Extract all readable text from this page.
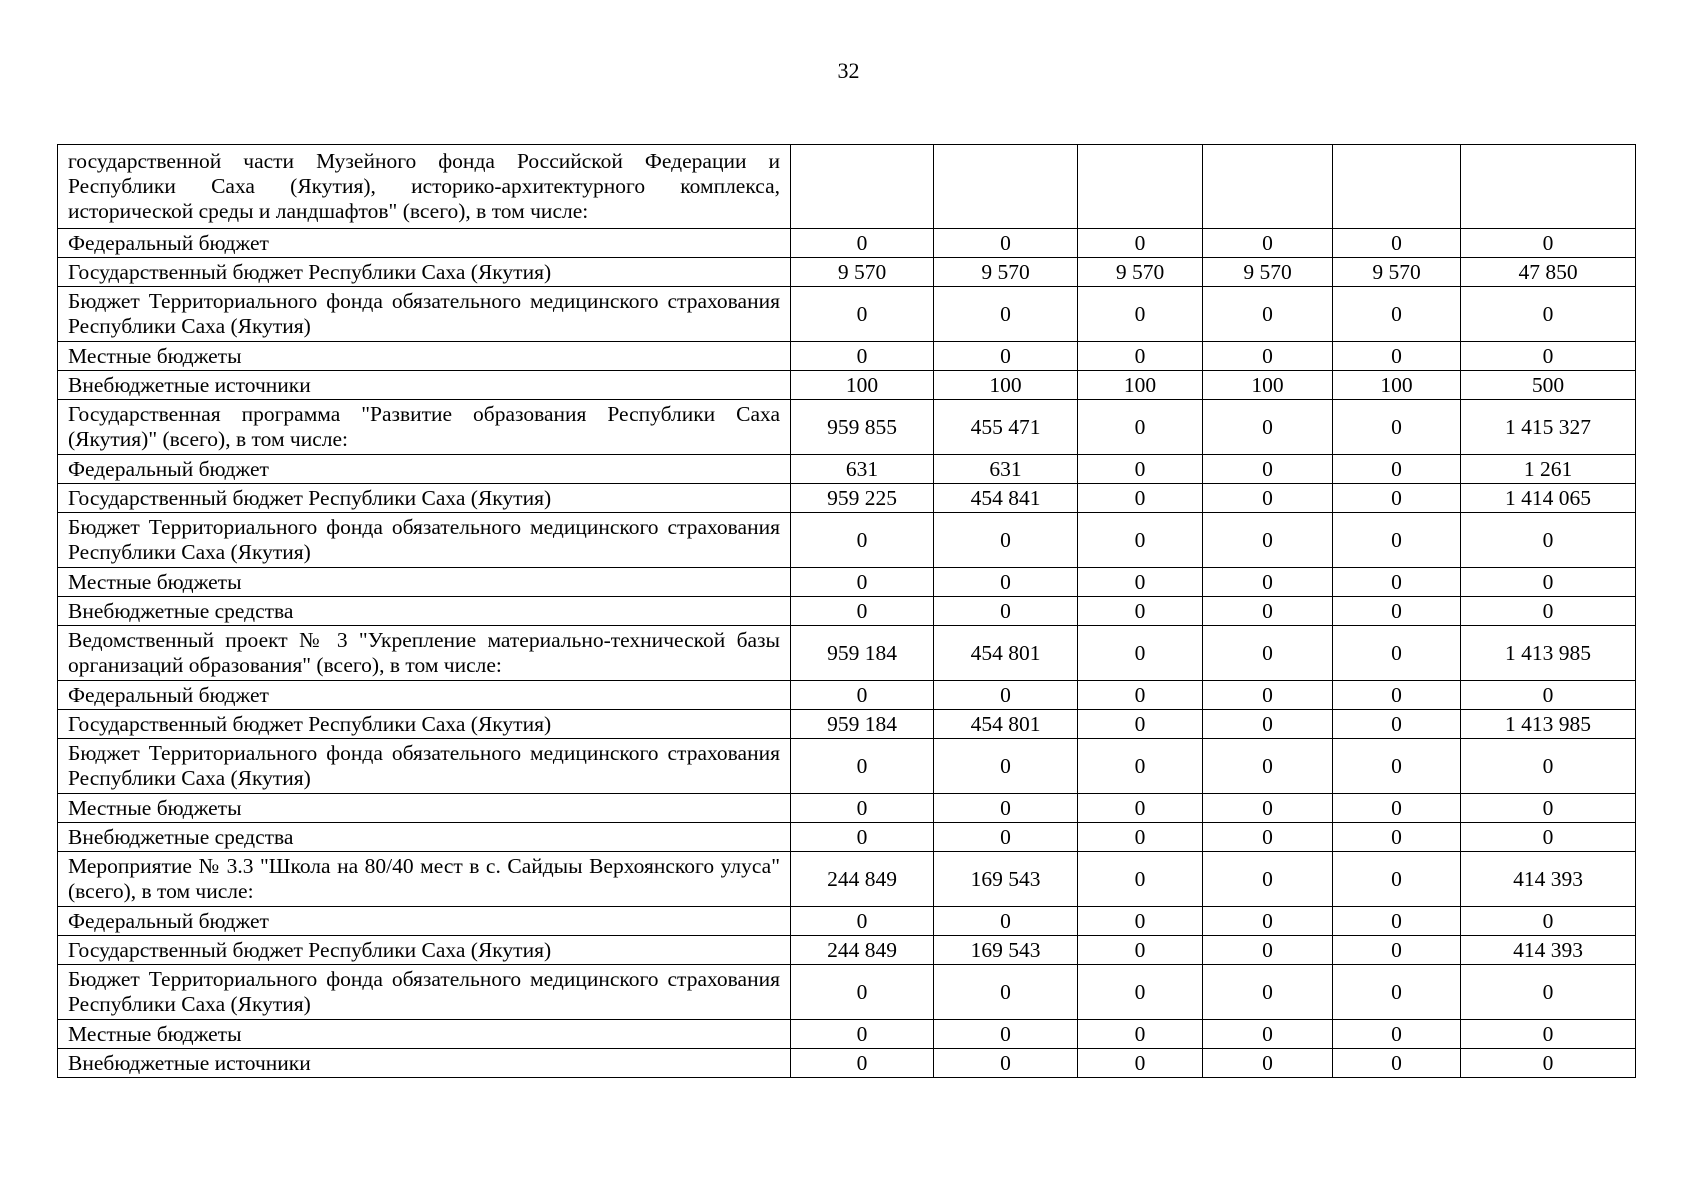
32
государственной части Музейного фонда Российской Федерации и Республики Саха (Якутия), историко-архитектурного комплекса, исторической среды и ландшафтов" (всего), в том числе:						
Федеральный бюджет	0	0	0	0	0	0
Государственный бюджет Республики Саха (Якутия)	9 570	9 570	9 570	9 570	9 570	47 850
Бюджет Территориального фонда обязательного медицинского страхования Республики Саха (Якутия)	0	0	0	0	0	0
Местные бюджеты	0	0	0	0	0	0
Внебюджетные источники	100	100	100	100	100	500
Государственная программа "Развитие образования Республики Саха (Якутия)" (всего), в том числе:	959 855	455 471	0	0	0	1 415 327
Федеральный бюджет	631	631	0	0	0	1 261
Государственный бюджет Республики Саха (Якутия)	959 225	454 841	0	0	0	1 414 065
Бюджет Территориального фонда обязательного медицинского страхования Республики Саха (Якутия)	0	0	0	0	0	0
Местные бюджеты	0	0	0	0	0	0
Внебюджетные средства	0	0	0	0	0	0
Ведомственный проект № 3 "Укрепление материально-технической базы организаций образования" (всего), в том числе:	959 184	454 801	0	0	0	1 413 985
Федеральный бюджет	0	0	0	0	0	0
Государственный бюджет Республики Саха (Якутия)	959 184	454 801	0	0	0	1 413 985
Бюджет Территориального фонда обязательного медицинского страхования Республики Саха (Якутия)	0	0	0	0	0	0
Местные бюджеты	0	0	0	0	0	0
Внебюджетные средства	0	0	0	0	0	0
Мероприятие № 3.3 "Школа на 80/40 мест в с. Сайдыы Верхоянского улуса" (всего), в том числе:	244 849	169 543	0	0	0	414 393
Федеральный бюджет	0	0	0	0	0	0
Государственный бюджет Республики Саха (Якутия)	244 849	169 543	0	0	0	414 393
Бюджет Территориального фонда обязательного медицинского страхования Республики Саха (Якутия)	0	0	0	0	0	0
Местные бюджеты	0	0	0	0	0	0
Внебюджетные источники	0	0	0	0	0	0
